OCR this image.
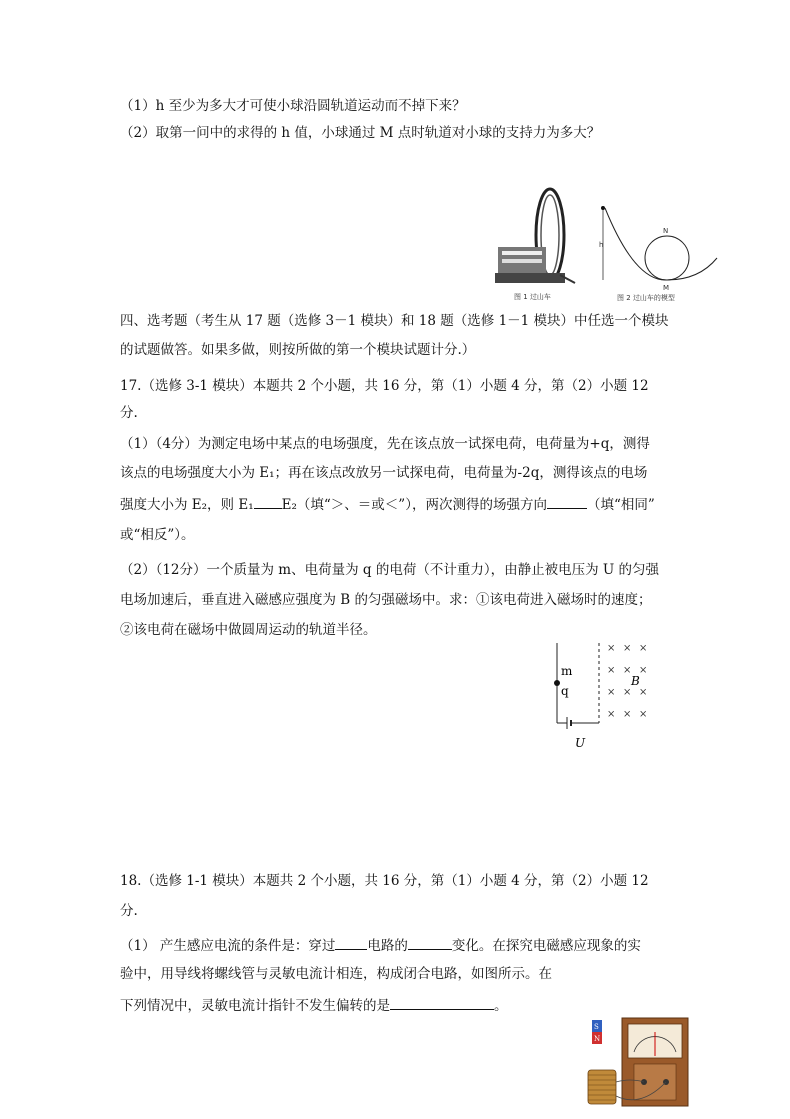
（1）h 至少为多大才可使小球沿圆轨道运动而不掉下来？
（2）取第一问中的求得的 h 值，小球通过 M 点时轨道对小球的支持力为多大？
图 1 过山车
h
N
M
图 2 过山车的模型
四、选考题（考生从 17 题（选修 3－1 模块）和 18 题（选修 1－1 模块）中任选一个模块
的试题做答。如果多做，则按所做的第一个模块试题计分.）
17.（选修 3-1 模块）本题共 2 个小题，共 16 分，第（1）小题 4 分，第（2）小题 12
分.
（1）（4分）为测定电场中某点的电场强度，先在该点放一试探电荷，电荷量为+q，测得
该点的电场强度大小为 E₁；再在该点改放另一试探电荷，电荷量为-2q，测得该点的电场
强度大小为 E₂，则 E₁ E₂（填“＞、＝或＜”），两次测得的场强方向	（填“相同”
或“相反”）。
（2）（12分）一个质量为 m、电荷量为 q 的电荷（不计重力），由静止被电压为 U 的匀强
电场加速后，垂直进入磁感应强度为 B 的匀强磁场中。求：①该电荷进入磁场时的速度；
②该电荷在磁场中做圆周运动的轨道半径。
m
q
U
B
× × ×
× × ×
× × ×
× × ×
18.（选修 1-1 模块）本题共 2 个小题，共 16 分，第（1）小题 4 分，第（2）小题 12
分.
（1） 产生感应电流的条件是：穿过 电路的	变化。在探究电磁感应现象的实
验中，用导线将螺线管与灵敏电流计相连，构成闭合电路，如图所示。在
下列情况中，灵敏电流计指针不发生偏转的是	。
S
N
